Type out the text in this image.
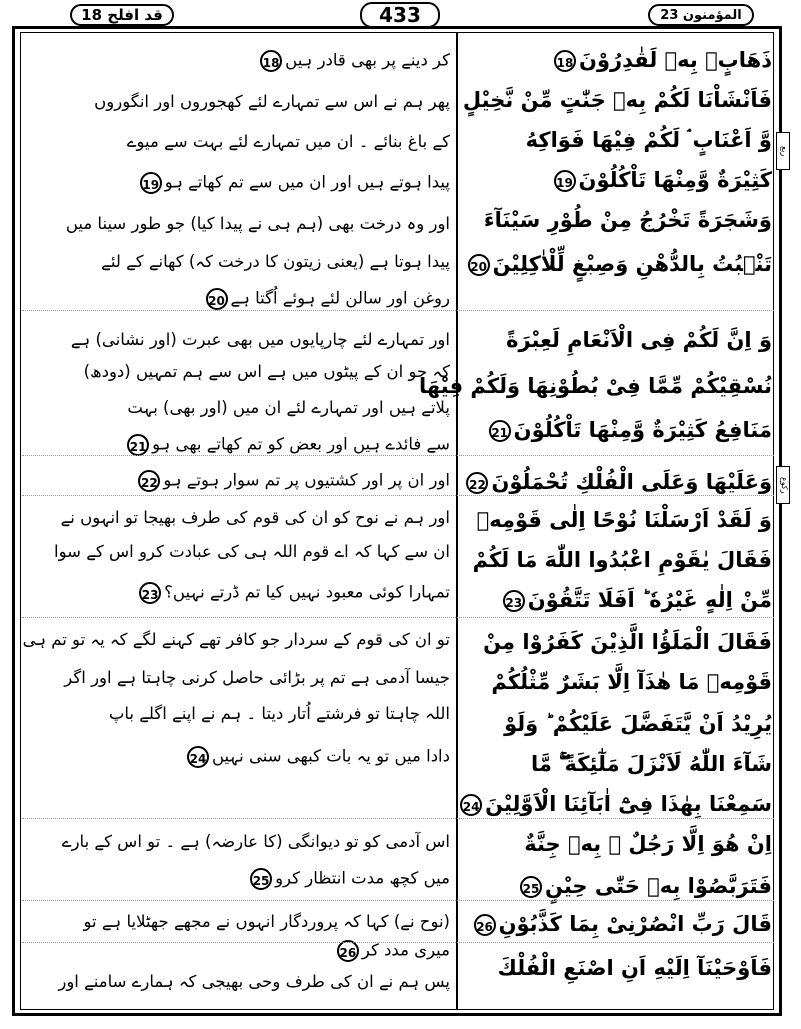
قد افلح 18	433	المؤمنون 23
ربع
ركوع
ذَهَابٍۭ بِهٖ لَقٰدِرُوْنَ18
فَاَنْشَاْنَا لَكُمْ بِهٖ جَنّٰتٍ مِّنْ نَّخِيْلٍ
وَّ اَعْنَابٍ ۘ لَكُمْ فِيْهَا فَوَاكِهُ
كَثِيْرَةٌ وَّمِنْهَا تَاْكُلُوْنَ19
وَشَجَرَةً تَخْرُجُ مِنْ طُوْرِ سَيْنَآءَ
تَنْۢبُتُ بِالدُّهْنِ وَصِبْغٍ لِّلْاٰكِلِيْنَ20
وَ اِنَّ لَكُمْ فِى الْاَنْعَامِ لَعِبْرَةً
نُسْقِيْكُمْ مِّمَّا فِىْ بُطُوْنِهَا وَلَكُمْ فِيْهَا
مَنَافِعُ كَثِيْرَةٌ وَّمِنْهَا تَاْكُلُوْنَ21
وَعَلَيْهَا وَعَلَى الْفُلْكِ تُحْمَلُوْنَ22
وَ لَقَدْ اَرْسَلْنَا نُوْحًا اِلٰى قَوْمِهٖ
فَقَالَ يٰقَوْمِ اعْبُدُوا اللّٰهَ مَا لَكُمْ
مِّنْ اِلٰهٍ غَيْرُهٗ ؕ اَفَلَا تَتَّقُوْنَ23
فَقَالَ الْمَلَؤُا الَّذِيْنَ كَفَرُوْا مِنْ
قَوْمِهٖ مَا هٰذَآ اِلَّا بَشَرٌ مِّثْلُكُمْ
يُرِيْدُ اَنْ يَّتَفَضَّلَ عَلَيْكُمْ ؕ وَلَوْ
شَآءَ اللّٰهُ لَاَنْزَلَ مَلٰٓئِكَةً ۖۚ مَّا
سَمِعْنَا بِهٰذَا فِىْٓ اٰبَآئِنَا الْاَوَّلِيْنَ24
اِنْ هُوَ اِلَّا رَجُلٌ ۢ بِهٖ جِنَّةٌ
فَتَرَبَّصُوْا بِهٖ حَتّٰى حِيْنٍ25
قَالَ رَبِّ انْصُرْنِىْ بِمَا كَذَّبُوْنِ26
فَاَوْحَيْنَآ اِلَيْهِ اَنِ اصْنَعِ الْفُلْكَ
کر دینے پر بھی قادر ہیں18
پھر ہم نے اس سے تمہارے لئے کھجوروں اور انگوروں
کے باغ بنائے ۔ ان میں تمہارے لئے بہت سے میوے
پیدا ہوتے ہیں اور ان میں سے تم کھاتے ہو19
اور وہ درخت بھی (ہم ہی نے پیدا کیا) جو طور سینا میں
پیدا ہوتا ہے (یعنی زیتون کا درخت کہ) کھانے کے لئے
روغن اور سالن لئے ہوئے اُگتا ہے20
اور تمہارے لئے چارپایوں میں بھی عبرت (اور نشانی) ہے
کہ جو ان کے پیٹوں میں ہے اس سے ہم تمہیں (دودھ)
پلاتے ہیں اور تمہارے لئے ان میں (اور بھی) بہت
سے فائدے ہیں اور بعض کو تم کھاتے بھی ہو21
اور ان پر اور کشتیوں پر تم سوار ہوتے ہو22
اور ہم نے نوح کو ان کی قوم کی طرف بھیجا تو انہوں نے
ان سے کہا کہ اے قوم اللہ ہی کی عبادت کرو اس کے سوا
تمہارا کوئی معبود نہیں کیا تم ڈرتے نہیں؟23
تو ان کی قوم کے سردار جو کافر تھے کہنے لگے کہ یہ تو تم ہی
جیسا آدمی ہے تم پر بڑائی حاصل کرنی چاہتا ہے اور اگر
اللہ چاہتا تو فرشتے اُتار دیتا ۔ ہم نے اپنے اگلے باپ
دادا میں تو یہ بات کبھی سنی نہیں24
اس آدمی کو تو دیوانگی (کا عارضہ) ہے ۔ تو اس کے بارے
میں کچھ مدت انتظار کرو25
(نوح نے) کہا کہ پروردگار انہوں نے مجھے جھٹلایا ہے تو
میری مدد کر26
پس ہم نے ان کی طرف وحی بھیجی کہ ہمارے سامنے اور
